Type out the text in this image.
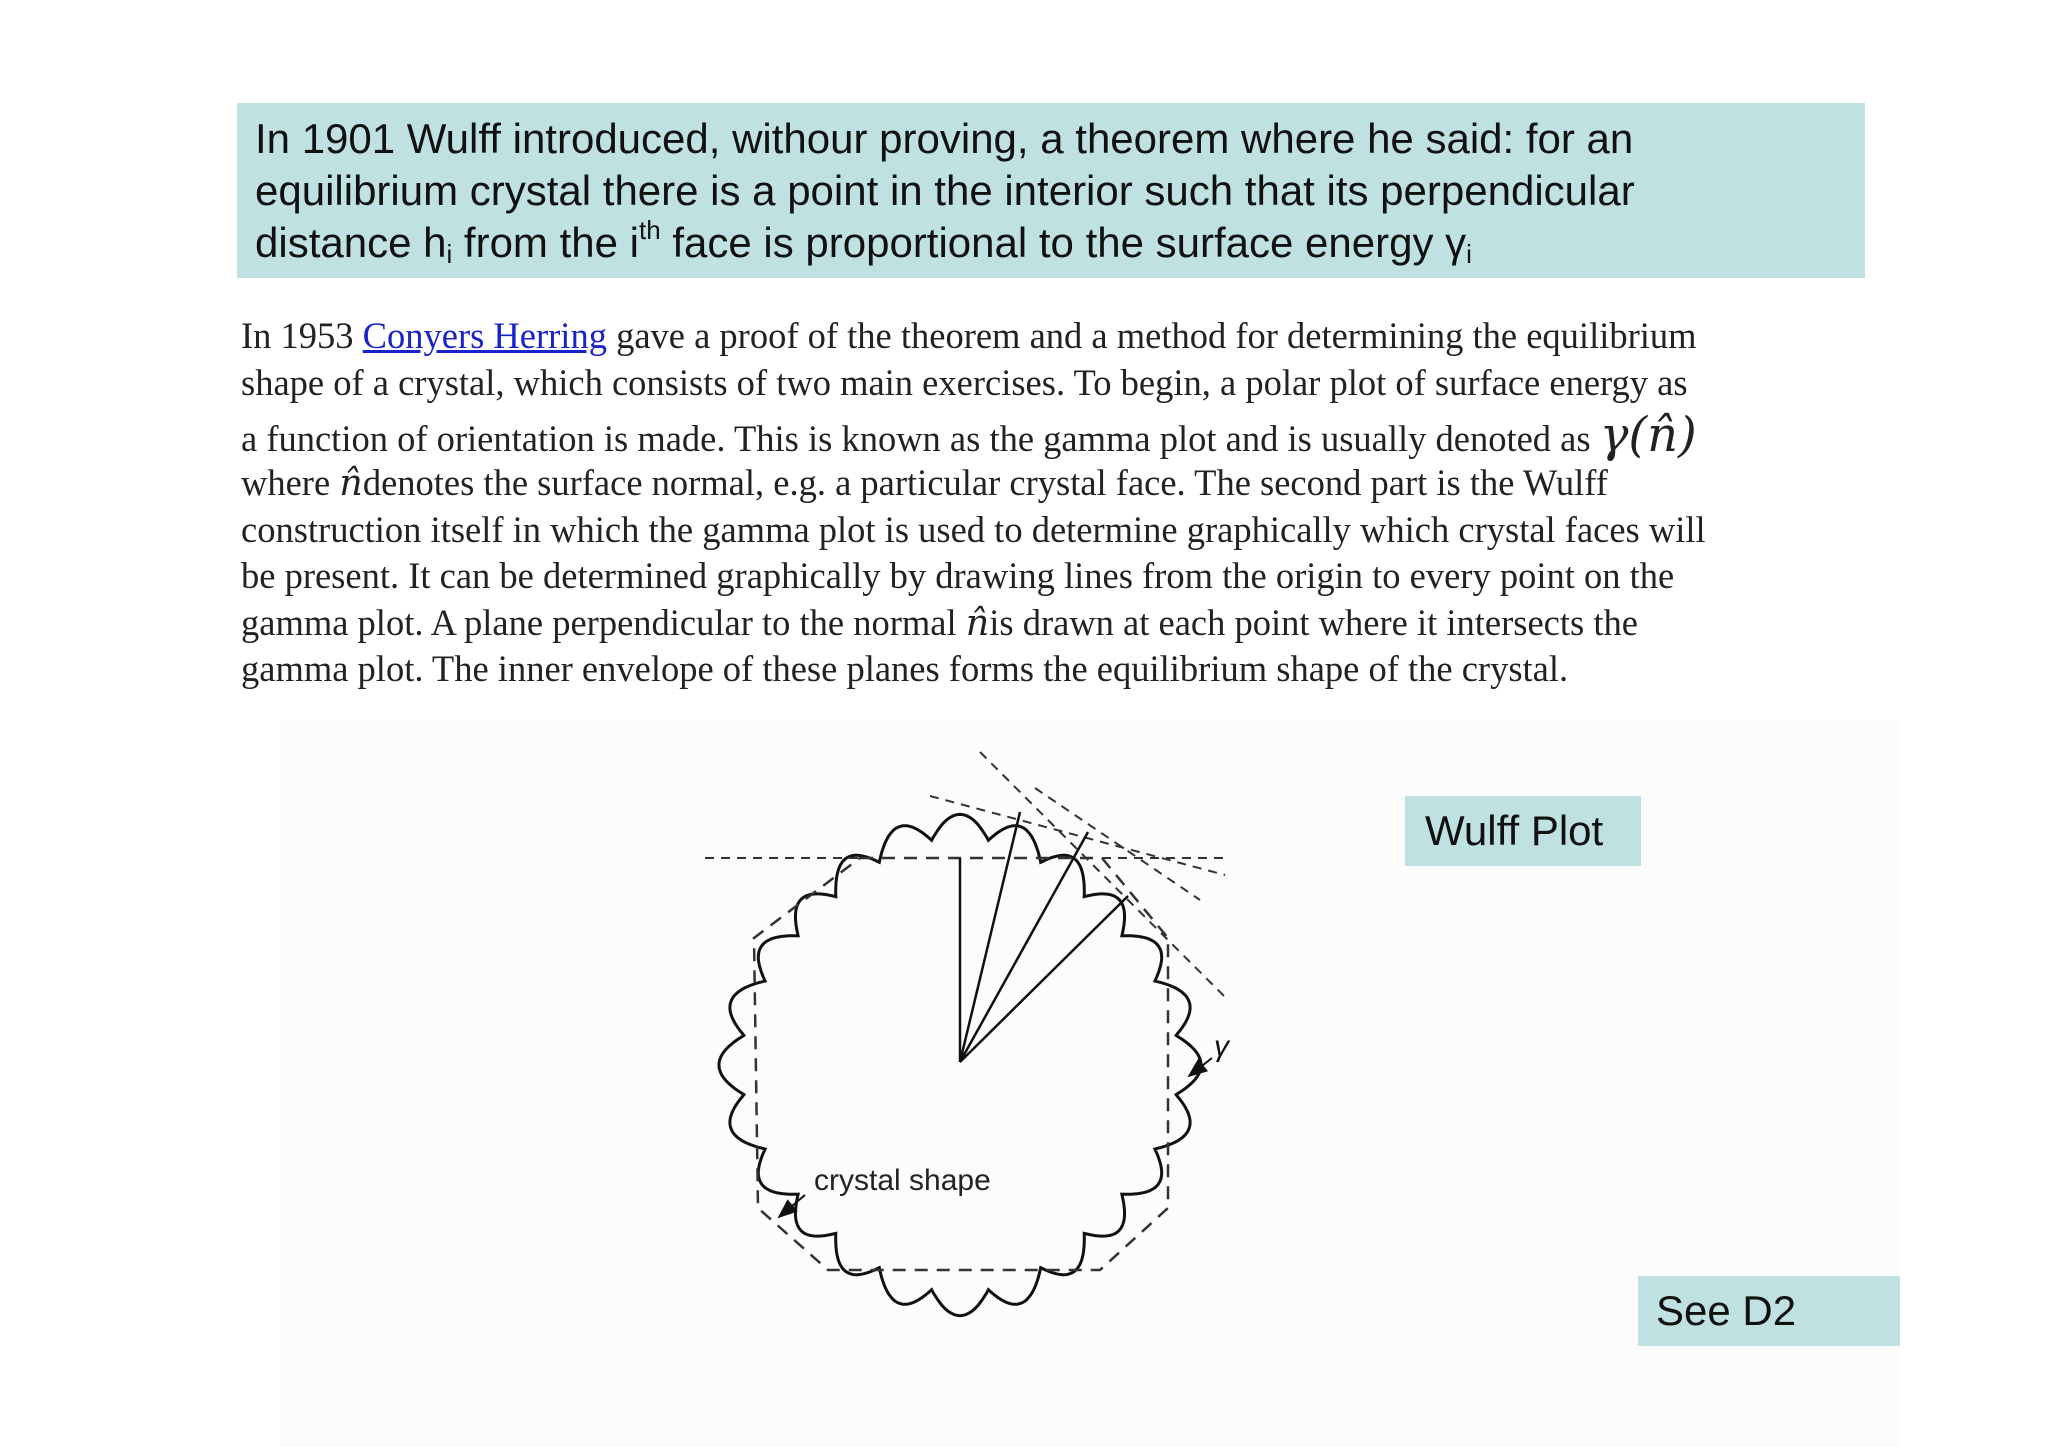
In 1901 Wulff introduced, withour proving, a theorem where he said: for an
equilibrium crystal there is a point in the interior such that its perpendicular
distance $h_i$ from the $i^{th}$ face is proportional to the surface energy $\gamma_i$
In 1953 Conyers Herring gave a proof of the theorem and a method for determining the equilibrium
shape of a crystal, which consists of two main exercises. To begin, a polar plot of surface energy as
a function of orientation is made. This is known as the gamma plot and is usually denoted as γ(n̂)
where n̂denotes the surface normal, e.g. a particular crystal face. The second part is the Wulff
construction itself in which the gamma plot is used to determine graphically which crystal faces will
be present. It can be determined graphically by drawing lines from the origin to every point on the
gamma plot. A plane perpendicular to the normal n̂is drawn at each point where it intersects the
gamma plot. The inner envelope of these planes forms the equilibrium shape of the crystal.
γ
crystal shape
Wulff Plot
See D2
